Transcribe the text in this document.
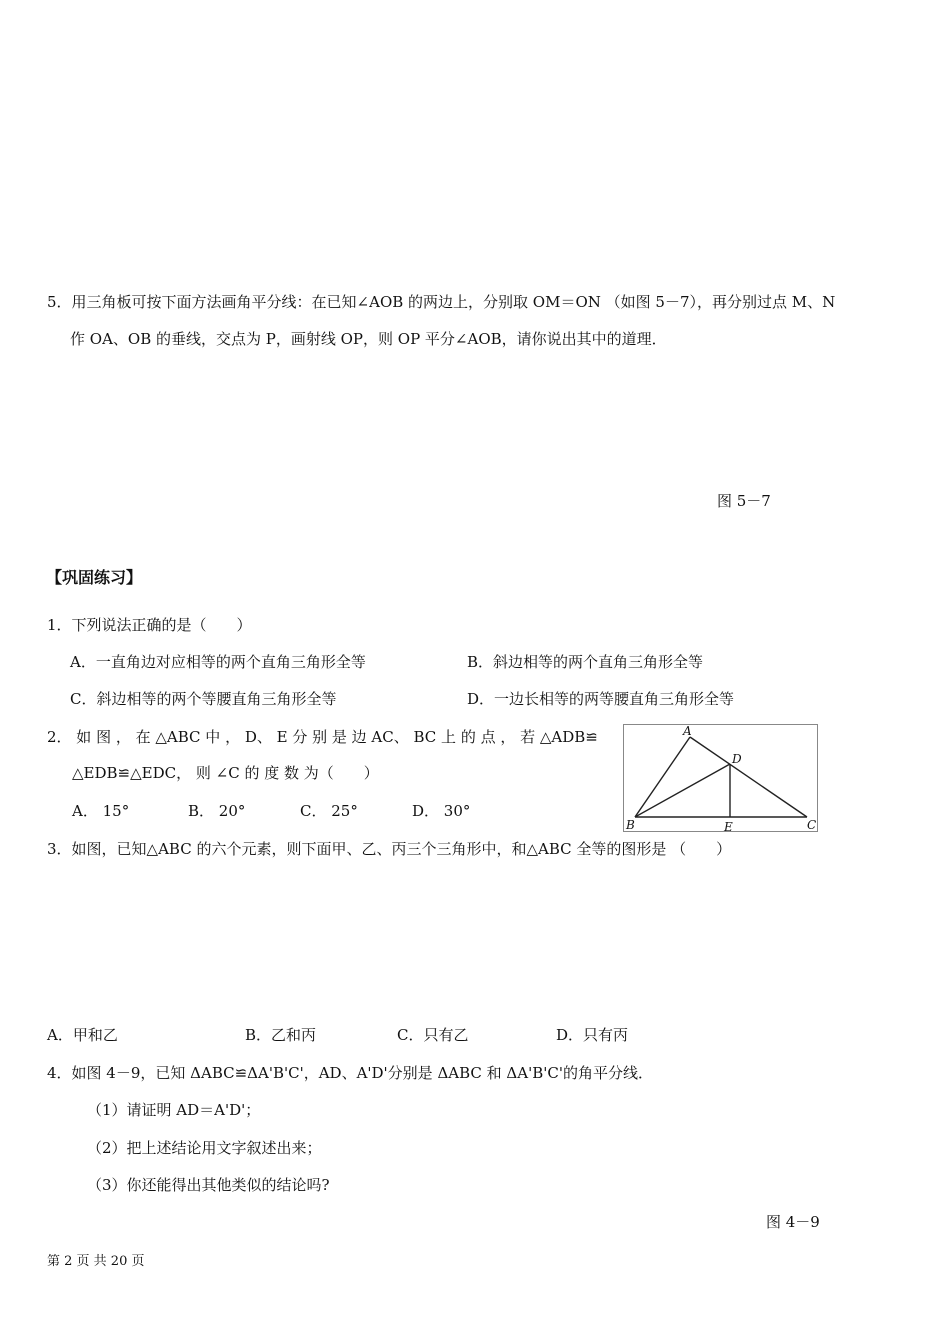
5．用三角板可按下面方法画角平分线：在已知∠AOB 的两边上，分别取 OM＝ON （如图 5－7），再分别过点 M、N
作 OA、OB 的垂线，交点为 P，画射线 OP，则 OP 平分∠AOB，请你说出其中的道理．
图 5－7
【巩固练习】
1．下列说法正确的是（　　）
A．一直角边对应相等的两个直角三角形全等	B．斜边相等的两个直角三角形全等
C．斜边相等的两个等腰直角三角形全等	D．一边长相等的两等腰直角三角形全等
2． 如 图 ， 在 △ABC 中 ， D、 E 分 别 是 边 AC、 BC 上 的 点 ， 若 △ADB≌
△EDB≌△EDC， 则 ∠C 的 度 数 为（　　）
A． 15°	B． 20°	C． 25°	D． 30°
A
B	C
D
E
3．如图，已知△ABC 的六个元素，则下面甲、乙、丙三个三角形中，和△ABC 全等的图形是 （　　）
A．甲和乙	B．乙和丙	C．只有乙	D．只有丙
4．如图 4－9，已知 ΔABC≌ΔA'B'C'，AD、A'D'分别是 ΔABC 和 ΔA'B'C'的角平分线．
（1）请证明 AD＝A'D'；
（2）把上述结论用文字叙述出来；
（3）你还能得出其他类似的结论吗?
图 4－9
第 2 页 共 20 页
